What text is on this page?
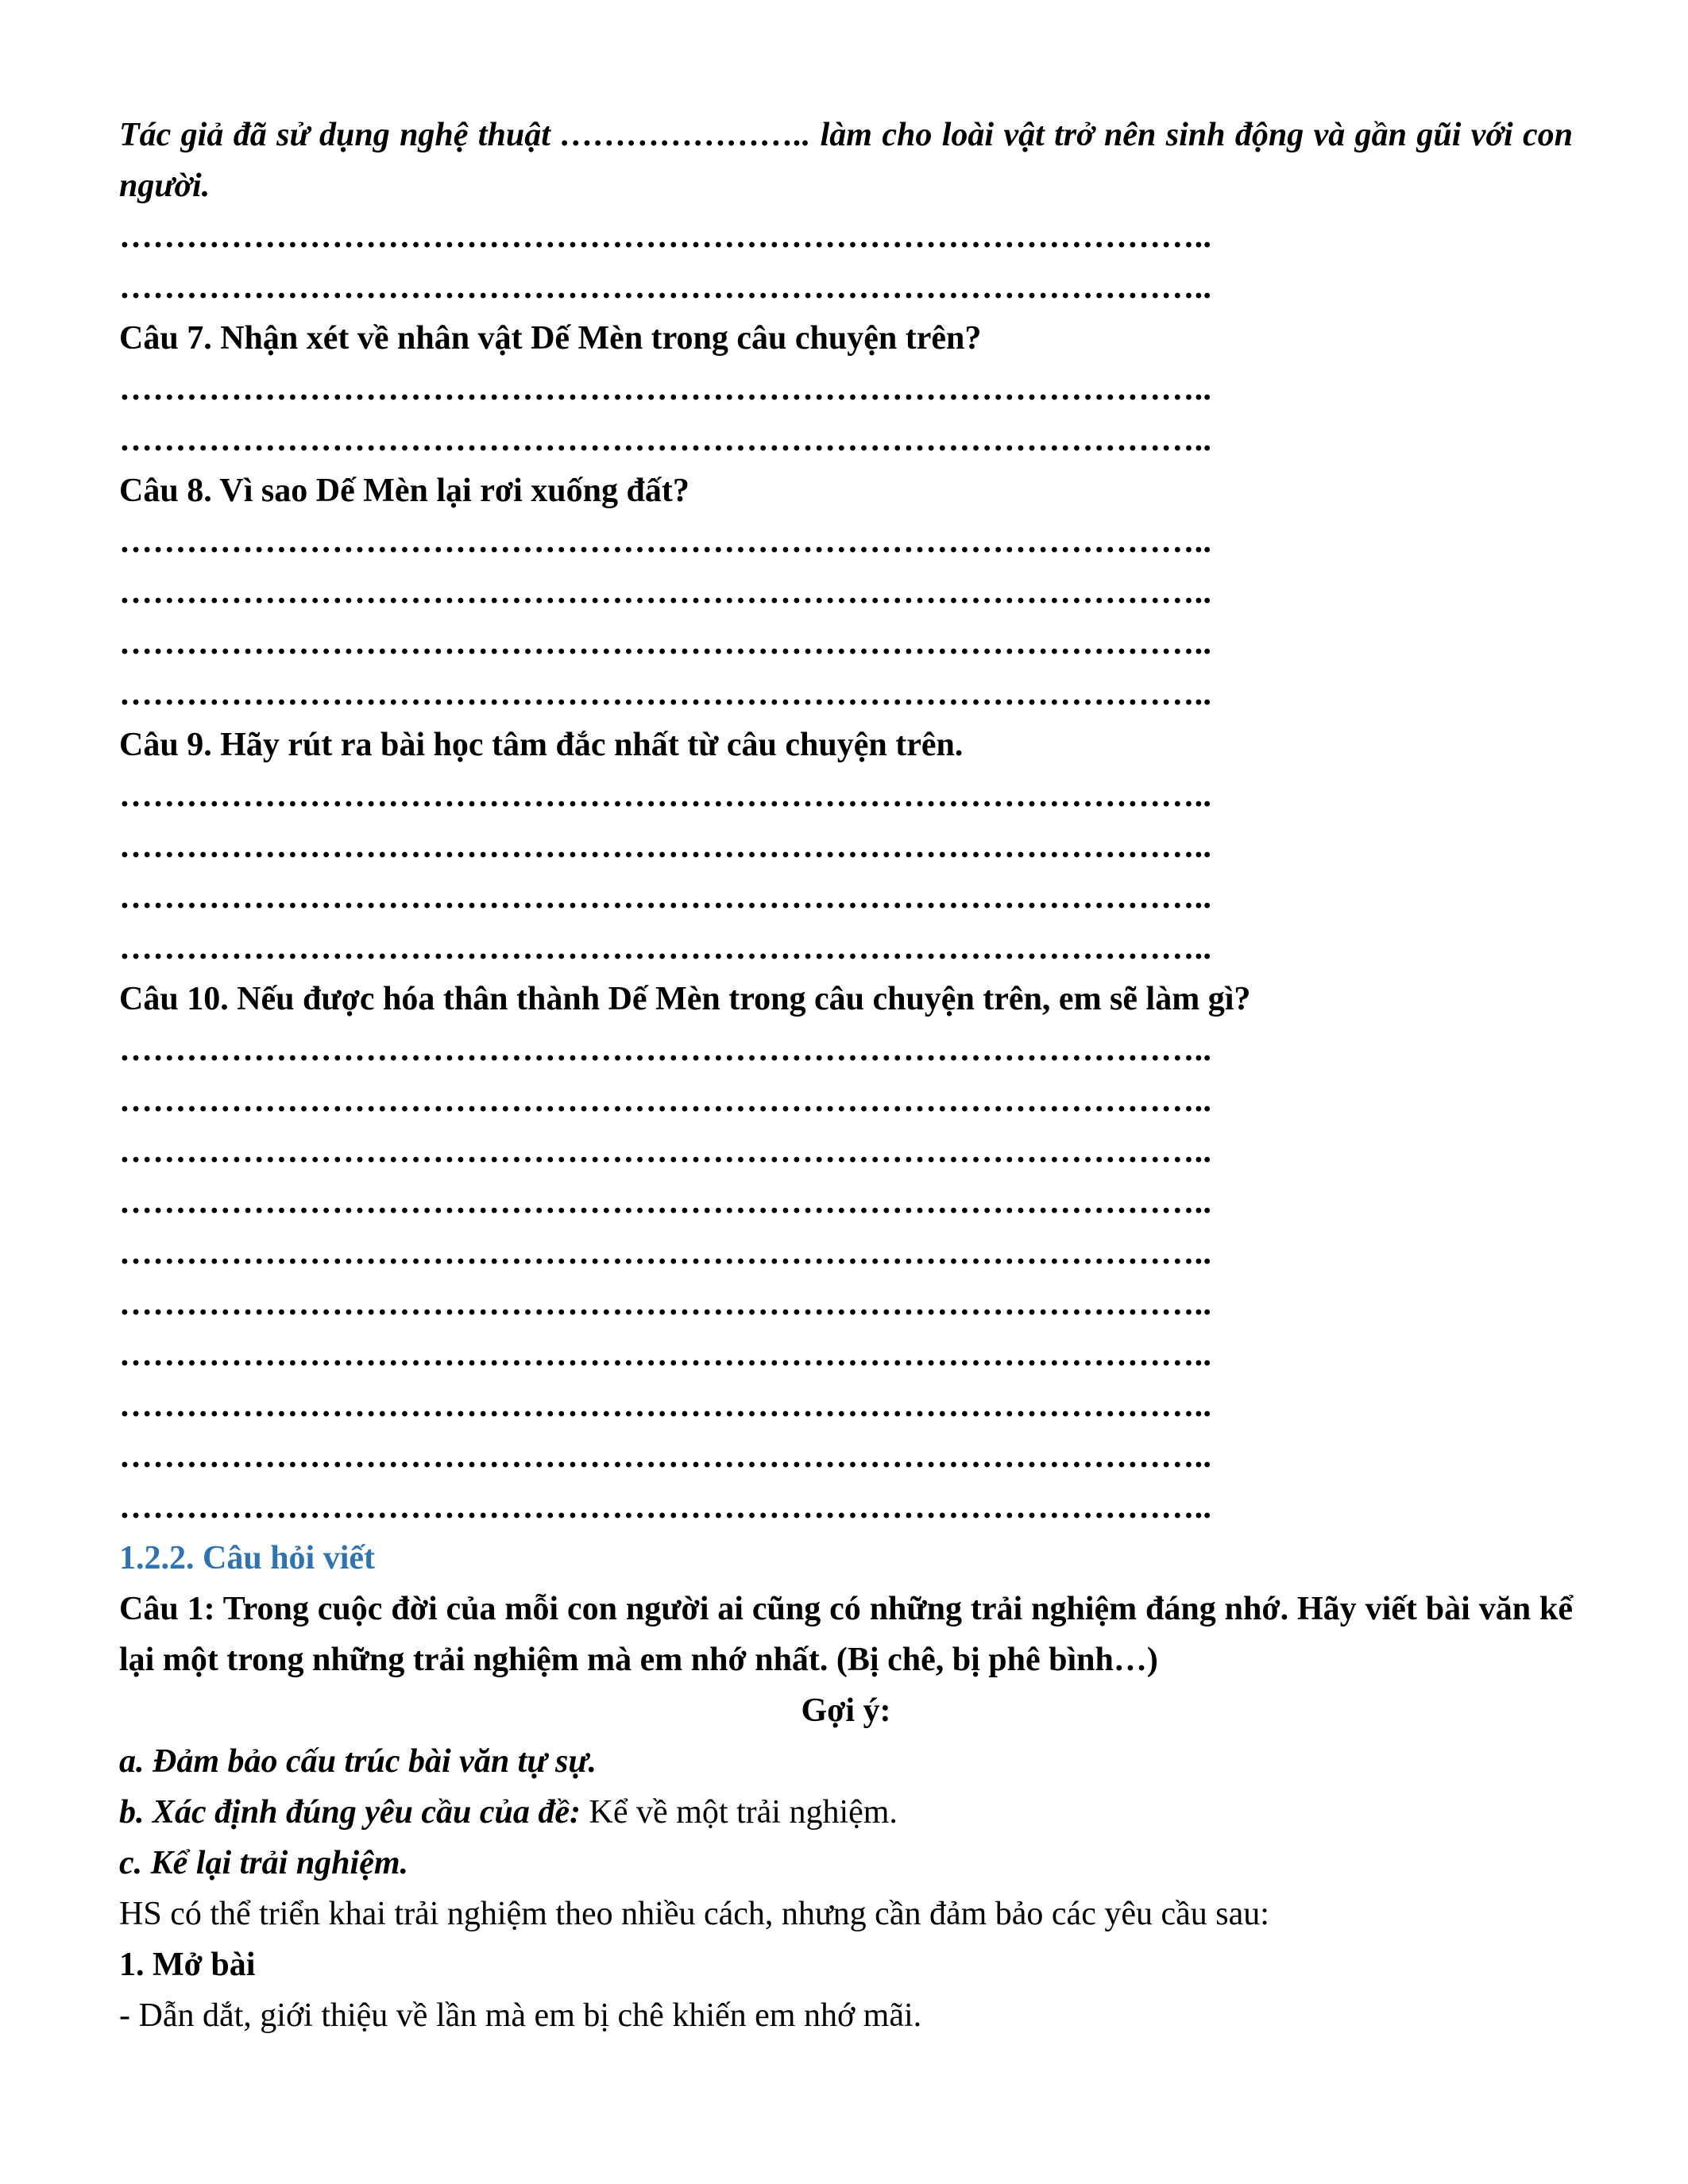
Tác giả đã sử dụng nghệ thuật ………………….. làm cho loài vật trở nên sinh động và gần gũi với con người.

……………………………………………………………………………………..
……………………………………………………………………………………..

Câu 7. Nhận xét về nhân vật Dế Mèn trong câu chuyện trên?

……………………………………………………………………………………..
……………………………………………………………………………………..

Câu 8. Vì sao Dế Mèn lại rơi xuống đất?

……………………………………………………………………………………..
……………………………………………………………………………………..
……………………………………………………………………………………..
……………………………………………………………………………………..

Câu 9. Hãy rút ra bài học tâm đắc nhất từ câu chuyện trên.

……………………………………………………………………………………..
……………………………………………………………………………………..
……………………………………………………………………………………..
……………………………………………………………………………………..

Câu 10. Nếu được hóa thân thành Dế Mèn trong câu chuyện trên, em sẽ làm gì?

……………………………………………………………………………………..
……………………………………………………………………………………..
……………………………………………………………………………………..
……………………………………………………………………………………..
……………………………………………………………………………………..
……………………………………………………………………………………..
……………………………………………………………………………………..
……………………………………………………………………………………..
……………………………………………………………………………………..
……………………………………………………………………………………..

1.2.2. Câu hỏi viết

Câu 1: Trong cuộc đời của mỗi con người ai cũng có những trải nghiệm đáng nhớ. Hãy viết bài văn kể lại một trong những trải nghiệm mà em nhớ nhất. (Bị chê, bị phê bình…)

Gợi ý:

a. Đảm bảo cấu trúc bài văn tự sự.

b. Xác định đúng yêu cầu của đề: Kể về một trải nghiệm.

c. Kể lại trải nghiệm.

HS có thể triển khai trải nghiệm theo nhiều cách, nhưng cần đảm bảo các yêu cầu sau:

1. Mở bài

- Dẫn dắt, giới thiệu về lần mà em bị chê khiến em nhớ mãi.
